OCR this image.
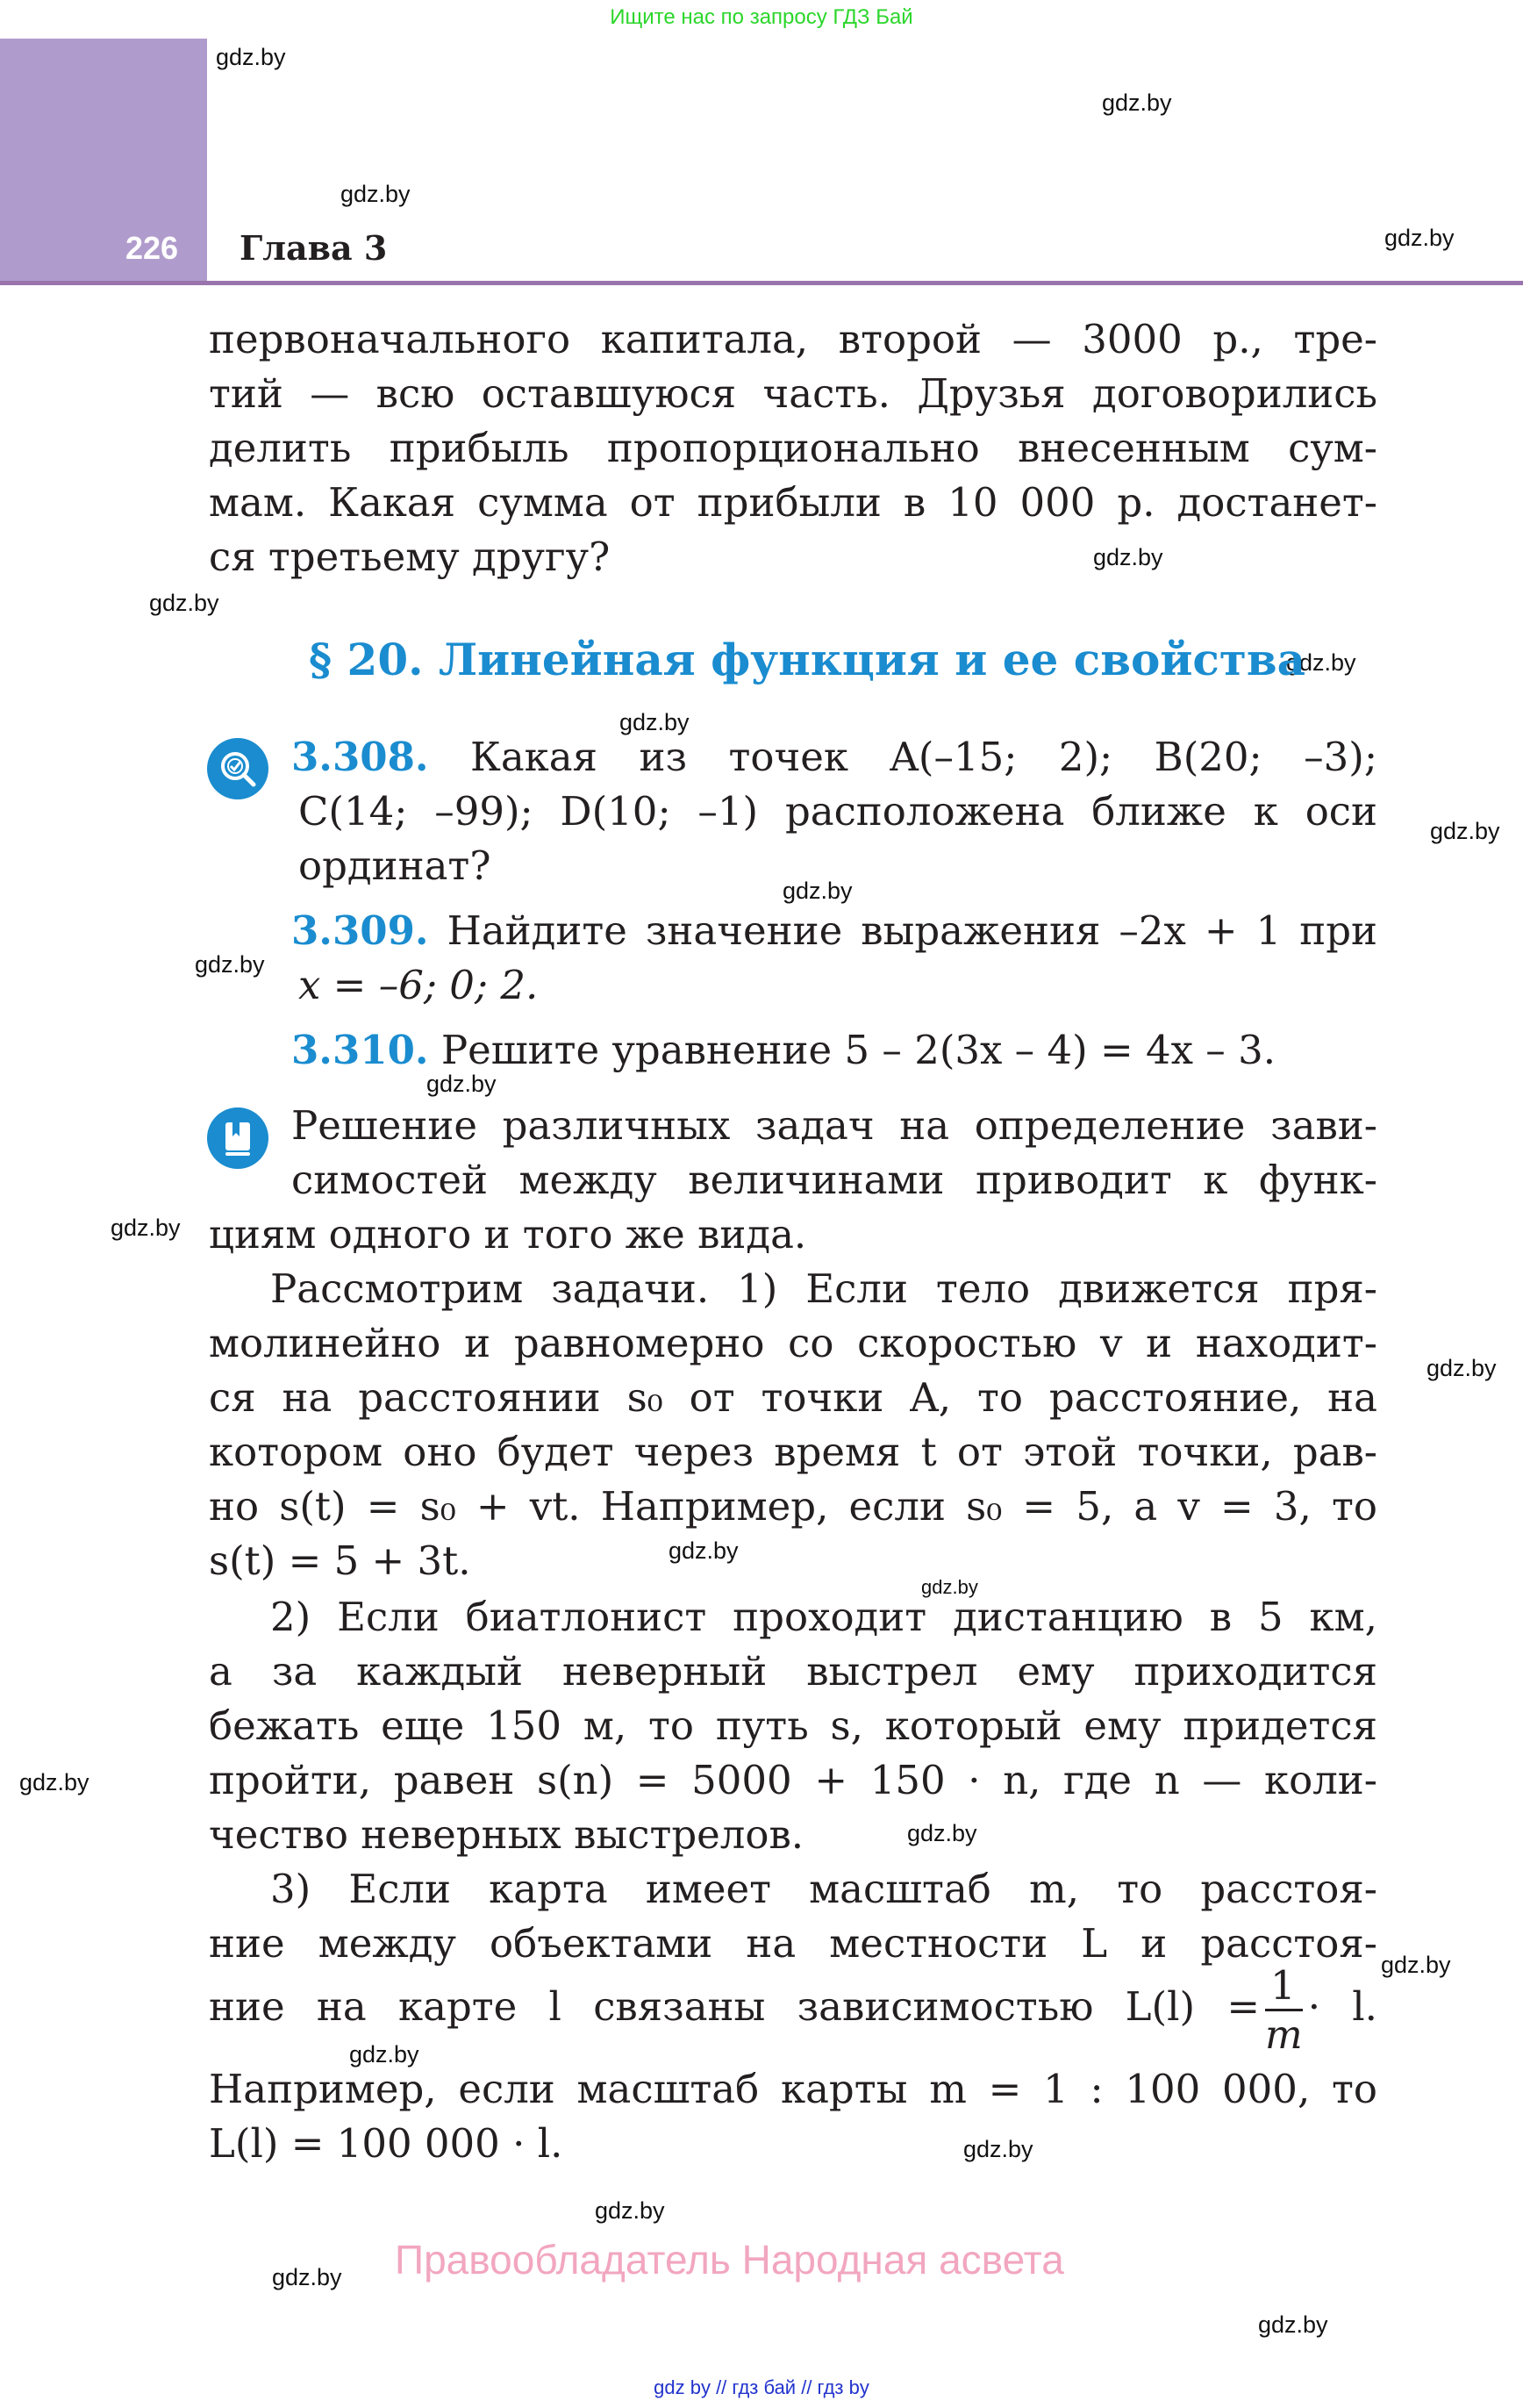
Ищите нас по запросу ГДЗ Бай
226 Глава 3
gdz.by
gdz.by
gdz.by
gdz.by
gdz.by
gdz.by
gdz.by
gdz.by
gdz.by
gdz.by
gdz.by
gdz.by
gdz.by
gdz.by
gdz.by
gdz.by
gdz.by
gdz.by
gdz.by
gdz.by
gdz.by
gdz.by
gdz.by
gdz.by
первоначального капитала, второй — 3000 р., тре-
тий — всю оставшуюся часть. Друзья договорились
делить прибыль пропорционально внесенным сум-
мам. Какая сумма от прибыли в 10 000 р. достанет-
ся третьему другу?
§ 20. Линейная функция и ее свойства
3.308. Какая из точек A(–15; 2); B(20; –3);
C(14; –99); D(10; –1) расположена ближе к оси
ординат?
3.309. Найдите значение выражения –2x + 1 при
x = –6; 0; 2.
3.310. Решите уравнение 5 – 2(3x – 4) = 4x – 3.
Решение различных задач на определение зави-
симостей между величинами приводит к функ-
циям одного и того же вида.
Рассмотрим задачи. 1) Если тело движется пря-
молинейно и равномерно со скоростью v и находит-
ся на расстоянии s₀ от точки A, то расстояние, на
котором оно будет через время t от этой точки, рав-
но s(t) = s₀ + vt. Например, если s₀ = 5, а v = 3, то
s(t) = 5 + 3t.
2) Если биатлонист проходит дистанцию в 5 км,
а за каждый неверный выстрел ему приходится
бежать еще 150 м, то путь s, который ему придется
пройти, равен s(n) = 5000 + 150 · n, где n — коли-
чество неверных выстрелов.
3) Если карта имеет масштаб m, то расстоя-
ние между объектами на местности L и расстоя-
ние на карте l связаны зависимостью $L(l) = \frac{1}{m} \cdot l$.
Например, если масштаб карты m = 1 : 100 000, то
L(l) = 100 000 · l.
Правообладатель Народная асвета
gdz by // гдз бай // гдз by
